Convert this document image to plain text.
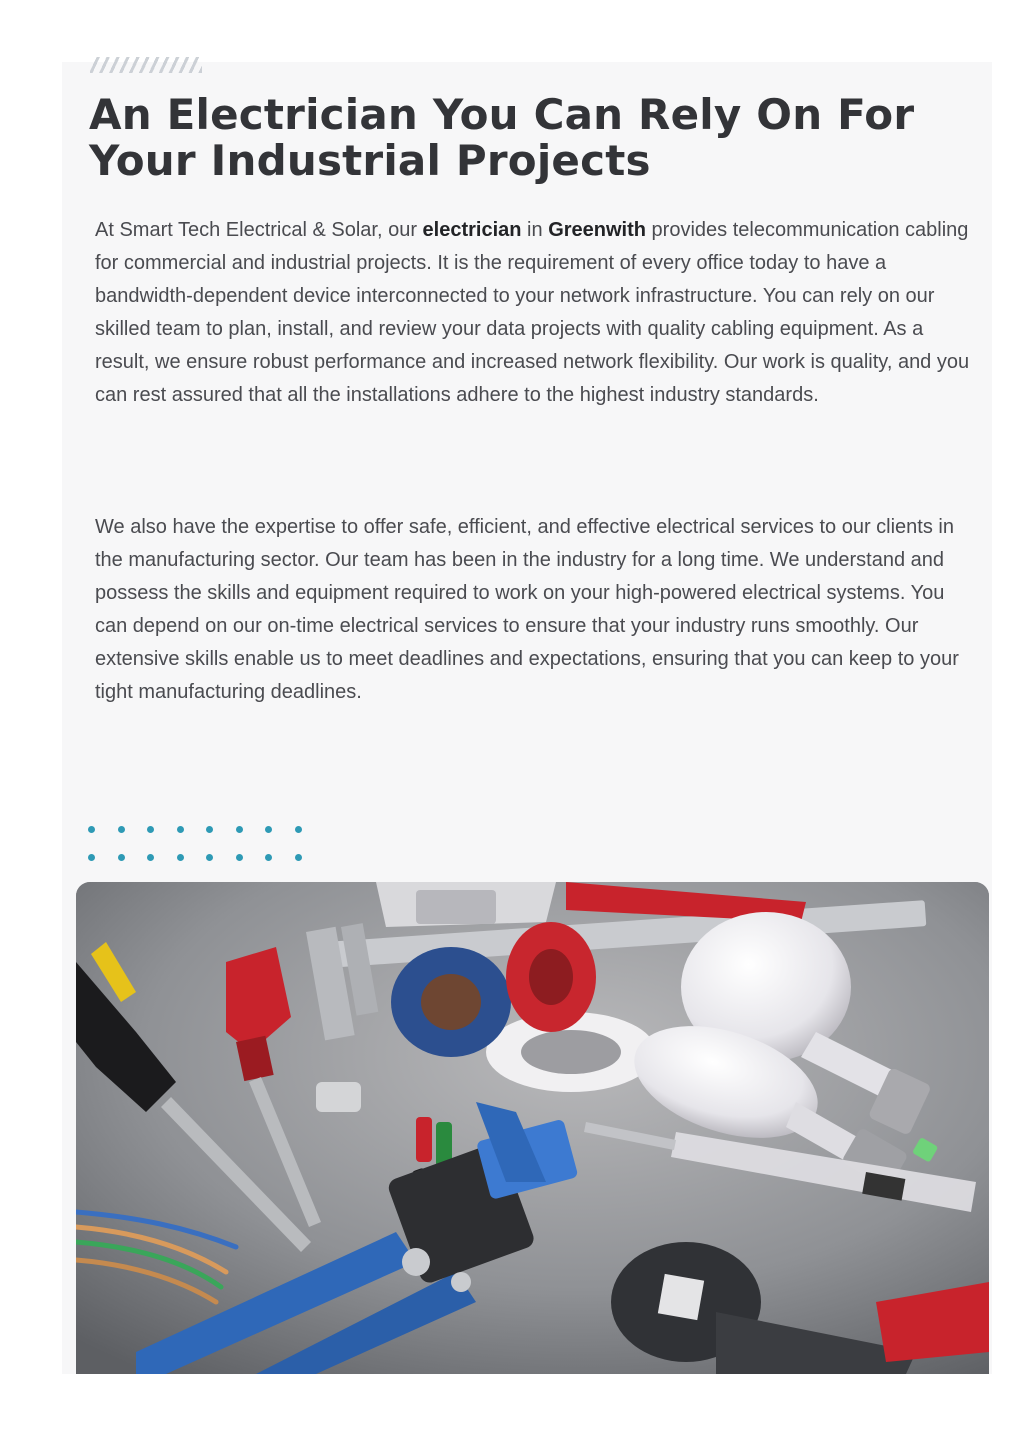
An Electrician You Can Rely On For Your Industrial Projects

At Smart Tech Electrical & Solar, our electrician in Greenwith provides telecommunication cabling for commercial and industrial projects. It is the requirement of every office today to have a bandwidth-dependent device interconnected to your network infrastructure. You can rely on our skilled team to plan, install, and review your data projects with quality cabling equipment. As a result, we ensure robust performance and increased network flexibility. Our work is quality, and you can rest assured that all the installations adhere to the highest industry standards.

We also have the expertise to offer safe, efficient, and effective electrical services to our clients in the manufacturing sector. Our team has been in the industry for a long time. We understand and possess the skills and equipment required to work on your high-powered electrical systems. You can depend on our on-time electrical services to ensure that your industry runs smoothly. Our extensive skills enable us to meet deadlines and expectations, ensuring that you can keep to your tight manufacturing deadlines.
